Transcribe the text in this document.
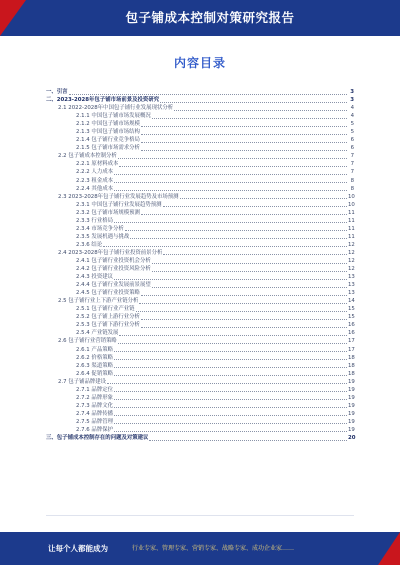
包子铺成本控制对策研究报告
内容目录
一、引言	3
二、2023-2028年包子铺市场前景及投资研究	3
2.1 2022-2028年中国包子铺行业发展现状分析	4
2.1.1 中国包子铺市场发展概况	4
2.1.2 中国包子铺市场规模	5
2.1.3 中国包子铺市场结构	5
2.1.4 包子铺行业竞争格局	6
2.1.5 包子铺市场需求分析	6
2.2 包子铺成本控制分析	7
2.2.1 原材料成本	7
2.2.2 人力成本	7
2.2.3 租金成本	8
2.2.4 其他成本	8
2.3 2023-2028年包子铺行业发展趋势及市场预测	10
2.3.1 中国包子铺行业发展趋势预测	10
2.3.2 包子铺市场规模预测	11
2.3.3 行业格局	11
2.3.4 市场竞争分析	11
2.3.5 发展机遇与挑战	11
2.3.6 结论	12
2.4 2023-2028年包子铺行业投资前景分析	12
2.4.1 包子铺行业投资机会分析	12
2.4.2 包子铺行业投资风险分析	12
2.4.3 投资建议	13
2.4.4 包子铺行业发展前景展望	13
2.4.5 包子铺行业投资策略	13
2.5 包子铺行业上下游产业链分析	14
2.5.1 包子铺行业产业链	15
2.5.2 包子铺上游行业分析	15
2.5.3 包子铺下游行业分析	16
2.5.4 产业链发展	16
2.6 包子铺行业营销策略	17
2.6.1 产品策略	17
2.6.2 价格策略	18
2.6.3 渠道策略	18
2.6.4 促销策略	18
2.7 包子铺品牌建设	19
2.7.1 品牌定位	19
2.7.2 品牌形象	19
2.7.3 品牌文化	19
2.7.4 品牌传播	19
2.7.5 品牌管理	19
2.7.6 品牌保护	19
三、包子铺成本控制存在的问题及对策建议	20
让每个人都能成为	行业专家、管理专家、营销专家、战略专家、成功企业家……
